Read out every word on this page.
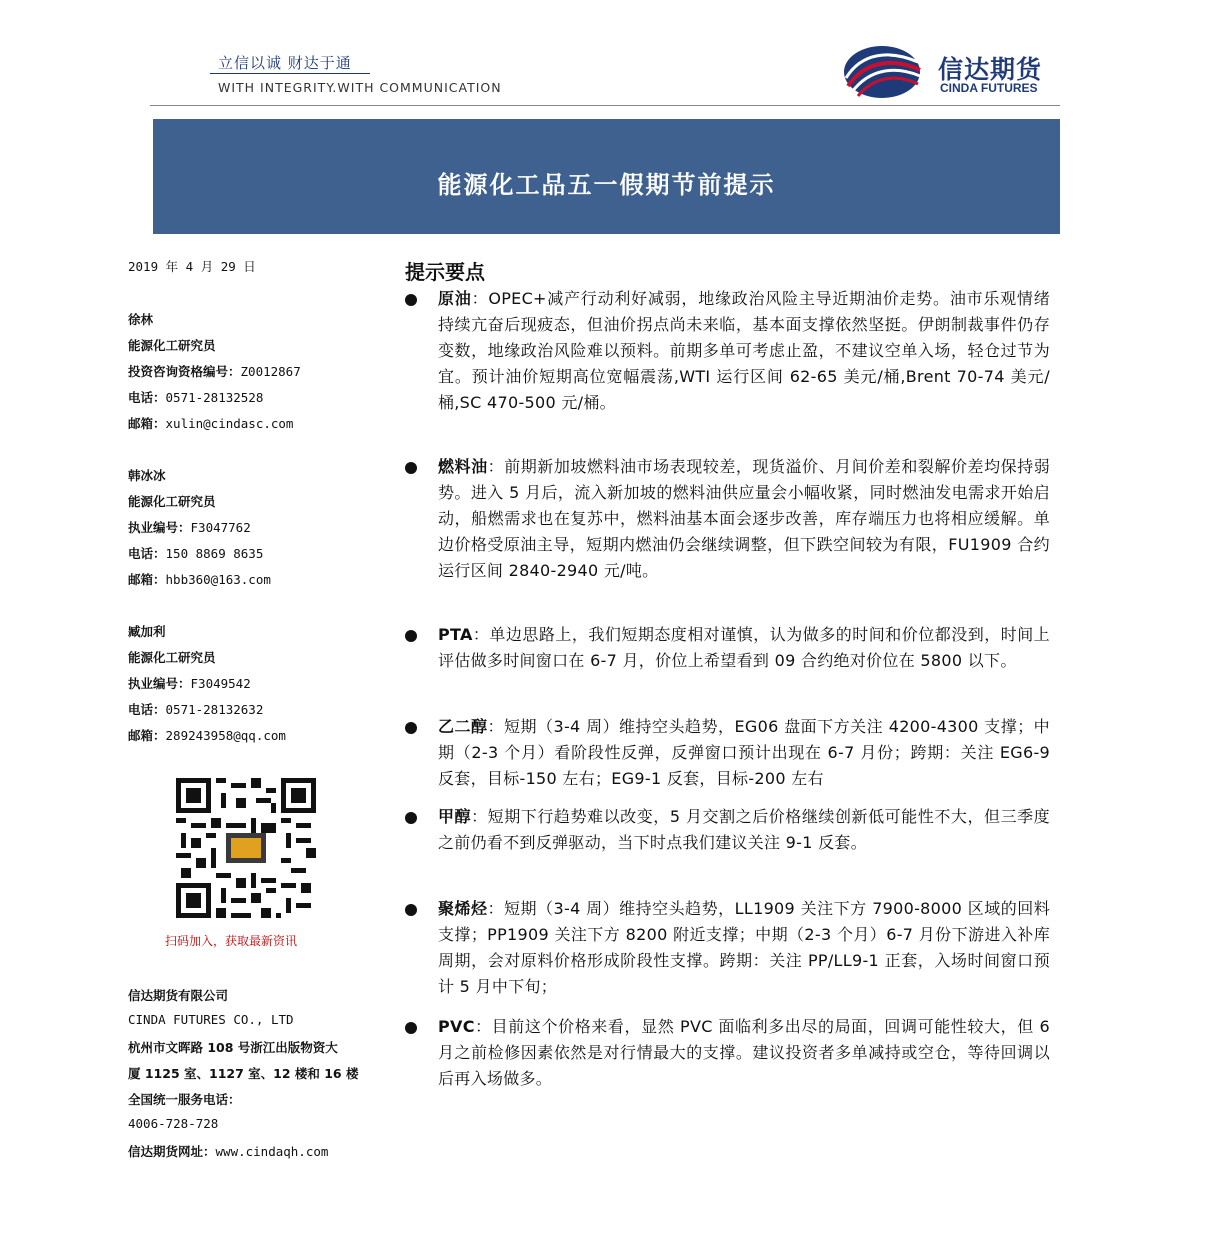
立信以诚 财达于通
WITH INTEGRITY.WITH COMMUNICATION
信达期货
CINDA FUTURES
能源化工品五一假期节前提示
2019 年 4 月 29 日
徐林
能源化工研究员
投资咨询资格编号：Z0012867
电话：0571-28132528
邮箱：xulin@cindasc.com
韩冰冰
能源化工研究员
执业编号：F3047762
电话：150 8869 8635
邮箱：hbb360@163.com
臧加利
能源化工研究员
执业编号：F3049542
电话：0571-28132632
邮箱：289243958@qq.com
扫码加入，获取最新资讯
信达期货有限公司
CINDA FUTURES CO., LTD
杭州市文晖路 108 号浙江出版物资大
厦 1125 室、1127 室、12 楼和 16 楼
全国统一服务电话：
4006-728-728
信达期货网址：www.cindaqh.com
提示要点
原油：OPEC+减产行动利好减弱，地缘政治风险主导近期油价走势。油市乐观情绪持续亢奋后现疲态，但油价拐点尚未来临，基本面支撑依然坚挺。伊朗制裁事件仍存变数，地缘政治风险难以预料。前期多单可考虑止盈，不建议空单入场，轻仓过节为宜。预计油价短期高位宽幅震荡,WTI 运行区间 62-65 美元/桶,Brent 70-74 美元/桶,SC 470-500 元/桶。
燃料油：前期新加坡燃料油市场表现较差，现货溢价、月间价差和裂解价差均保持弱势。进入 5 月后，流入新加坡的燃料油供应量会小幅收紧，同时燃油发电需求开始启动，船燃需求也在复苏中，燃料油基本面会逐步改善，库存端压力也将相应缓解。单边价格受原油主导，短期内燃油仍会继续调整，但下跌空间较为有限，FU1909 合约运行区间 2840-2940 元/吨。
PTA：单边思路上，我们短期态度相对谨慎，认为做多的时间和价位都没到，时间上评估做多时间窗口在 6-7 月，价位上希望看到 09 合约绝对价位在 5800 以下。
乙二醇：短期（3-4 周）维持空头趋势，EG06 盘面下方关注 4200-4300 支撑；中期（2-3 个月）看阶段性反弹，反弹窗口预计出现在 6-7 月份；跨期：关注 EG6-9 反套，目标-150 左右；EG9-1 反套，目标-200 左右
甲醇：短期下行趋势难以改变，5 月交割之后价格继续创新低可能性不大，但三季度之前仍看不到反弹驱动，当下时点我们建议关注 9-1 反套。
聚烯烃：短期（3-4 周）维持空头趋势，LL1909 关注下方 7900-8000 区域的回料支撑；PP1909 关注下方 8200 附近支撑；中期（2-3 个月）6-7 月份下游进入补库周期，会对原料价格形成阶段性支撑。跨期：关注 PP/LL9-1 正套，入场时间窗口预计 5 月中下旬；
PVC：目前这个价格来看，显然 PVC 面临利多出尽的局面，回调可能性较大，但 6 月之前检修因素依然是对行情最大的支撑。建议投资者多单减持或空仓，等待回调以后再入场做多。
